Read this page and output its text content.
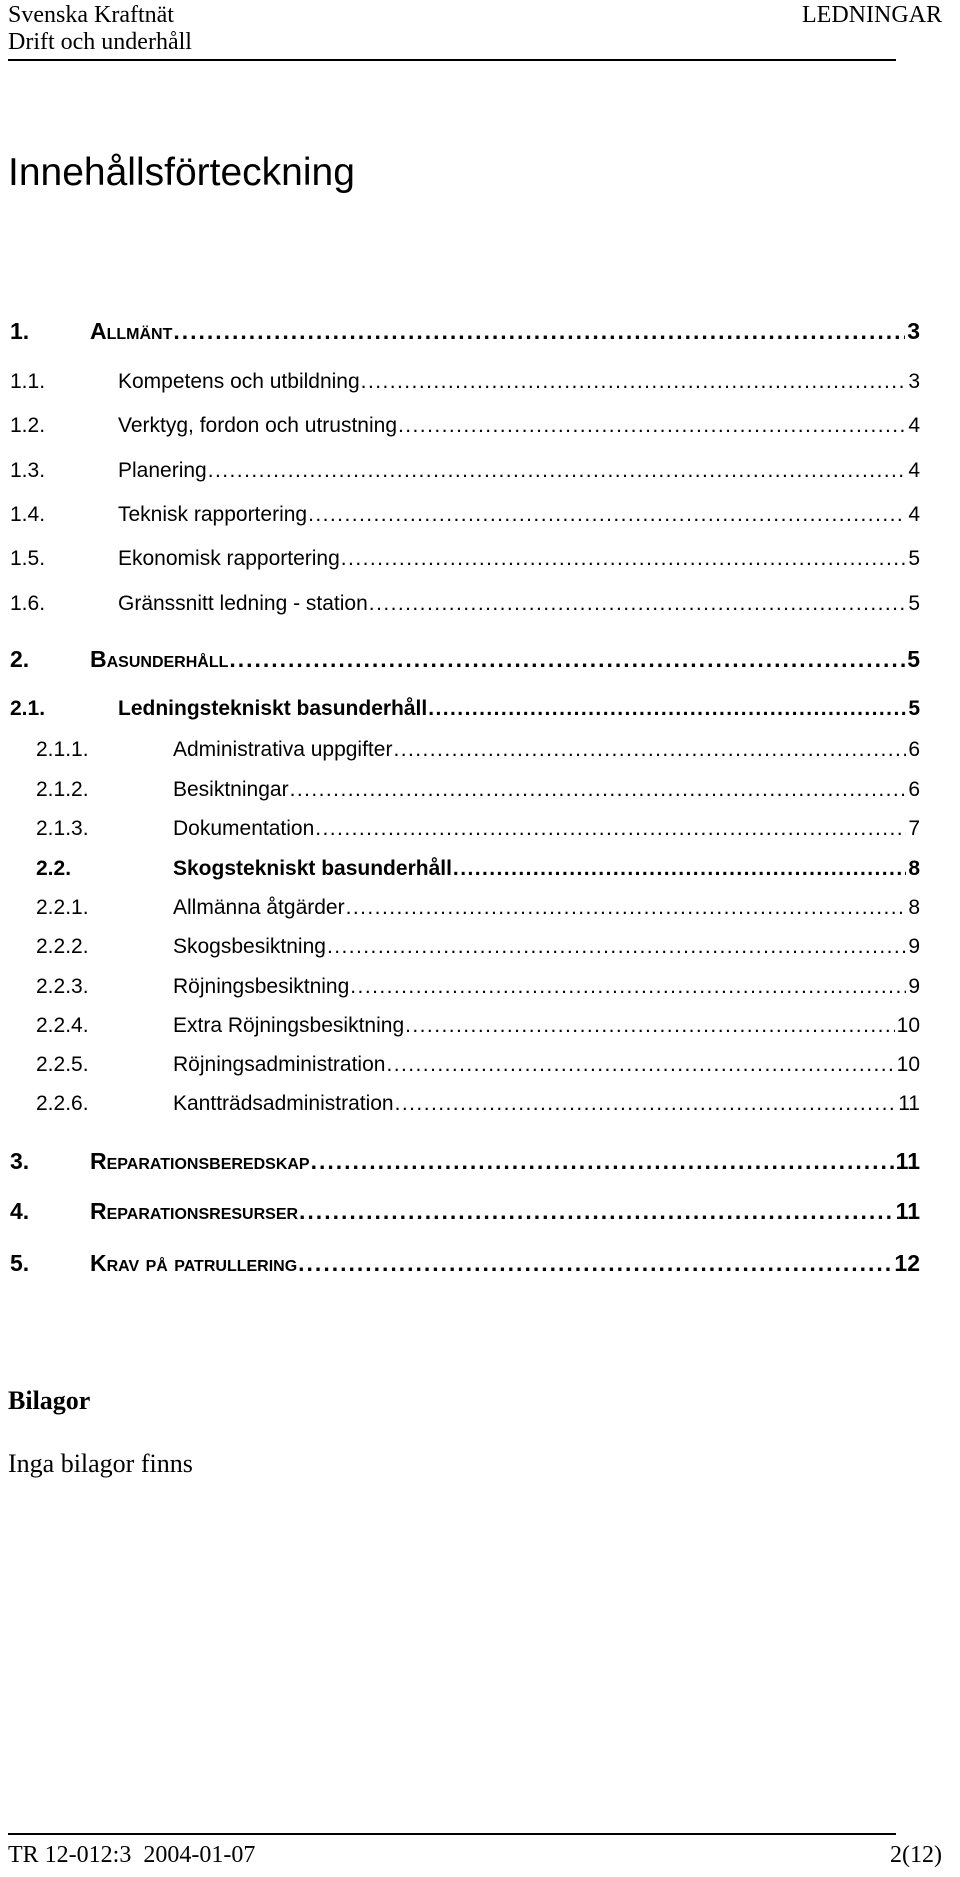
Svenska Kraftnät
Drift och underhåll
LEDNINGAR
Innehållsförteckning
1.	Allmänt . . .	3
1.1.	Kompetens och utbildning . . .	3
1.2.	Verktyg, fordon och utrustning . . .	4
1.3.	Planering . . .	4
1.4.	Teknisk rapportering . . .	4
1.5.	Ekonomisk rapportering . . .	5
1.6.	Gränssnitt ledning - station . . .	5
2.	Basunderhåll . . .	5
2.1.	Ledningstekniskt basunderhåll . . .	5
2.1.1.	Administrativa uppgifter . . .	6
2.1.2.	Besiktningar . . .	6
2.1.3.	Dokumentation . . .	7
2.2.	Skogstekniskt basunderhåll . . .	8
2.2.1.	Allmänna åtgärder . . .	8
2.2.2.	Skogsbesiktning . . .	9
2.2.3.	Röjningsbesiktning . . .	9
2.2.4.	Extra Röjningsbesiktning . . .	10
2.2.5.	Röjningsadministration . . .	10
2.2.6.	Kantträdsadministration . . .	11
3.	Reparationsberedskap . . .	11
4.	Reparationsresurser . . .	11
5.	Krav på patrullering . . .	12
Bilagor
Inga bilagor finns
TR 12-012:3  2004-01-07	2(12)
